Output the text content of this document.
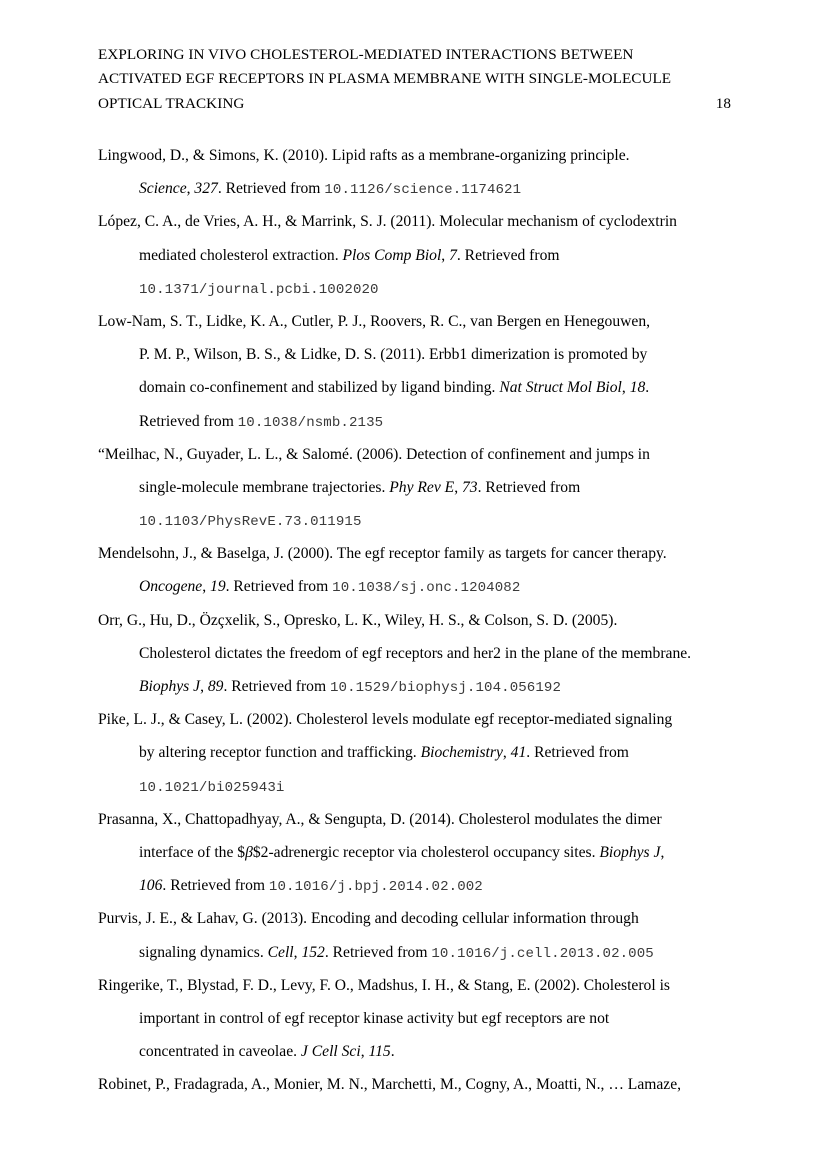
EXPLORING IN VIVO CHOLESTEROL-MEDIATED INTERACTIONS BETWEEN
ACTIVATED EGF RECEPTORS IN PLASMA MEMBRANE WITH SINGLE-MOLECULE
OPTICAL TRACKING	18
Lingwood, D., & Simons, K. (2010). Lipid rafts as a membrane-organizing principle.
Science, 327. Retrieved from 10.1126/science.1174621
López, C. A., de Vries, A. H., & Marrink, S. J. (2011). Molecular mechanism of cyclodextrin
mediated cholesterol extraction. Plos Comp Biol, 7. Retrieved from
10.1371/journal.pcbi.1002020
Low-Nam, S. T., Lidke, K. A., Cutler, P. J., Roovers, R. C., van Bergen en Henegouwen,
P. M. P., Wilson, B. S., & Lidke, D. S. (2011). Erbb1 dimerization is promoted by
domain co-confinement and stabilized by ligand binding. Nat Struct Mol Biol, 18.
Retrieved from 10.1038/nsmb.2135
“Meilhac, N., Guyader, L. L., & Salomé. (2006). Detection of confinement and jumps in
single-molecule membrane trajectories. Phy Rev E, 73. Retrieved from
10.1103/PhysRevE.73.011915
Mendelsohn, J., & Baselga, J. (2000). The egf receptor family as targets for cancer therapy.
Oncogene, 19. Retrieved from 10.1038/sj.onc.1204082
Orr, G., Hu, D., Özçxelik, S., Opresko, L. K., Wiley, H. S., & Colson, S. D. (2005).
Cholesterol dictates the freedom of egf receptors and her2 in the plane of the membrane.
Biophys J, 89. Retrieved from 10.1529/biophysj.104.056192
Pike, L. J., & Casey, L. (2002). Cholesterol levels modulate egf receptor-mediated signaling
by altering receptor function and trafficking. Biochemistry, 41. Retrieved from
10.1021/bi025943i
Prasanna, X., Chattopadhyay, A., & Sengupta, D. (2014). Cholesterol modulates the dimer
interface of the $β$2-adrenergic receptor via cholesterol occupancy sites. Biophys J,
106. Retrieved from 10.1016/j.bpj.2014.02.002
Purvis, J. E., & Lahav, G. (2013). Encoding and decoding cellular information through
signaling dynamics. Cell, 152. Retrieved from 10.1016/j.cell.2013.02.005
Ringerike, T., Blystad, F. D., Levy, F. O., Madshus, I. H., & Stang, E. (2002). Cholesterol is
important in control of egf receptor kinase activity but egf receptors are not
concentrated in caveolae. J Cell Sci, 115.
Robinet, P., Fradagrada, A., Monier, M. N., Marchetti, M., Cogny, A., Moatti, N., … Lamaze,
